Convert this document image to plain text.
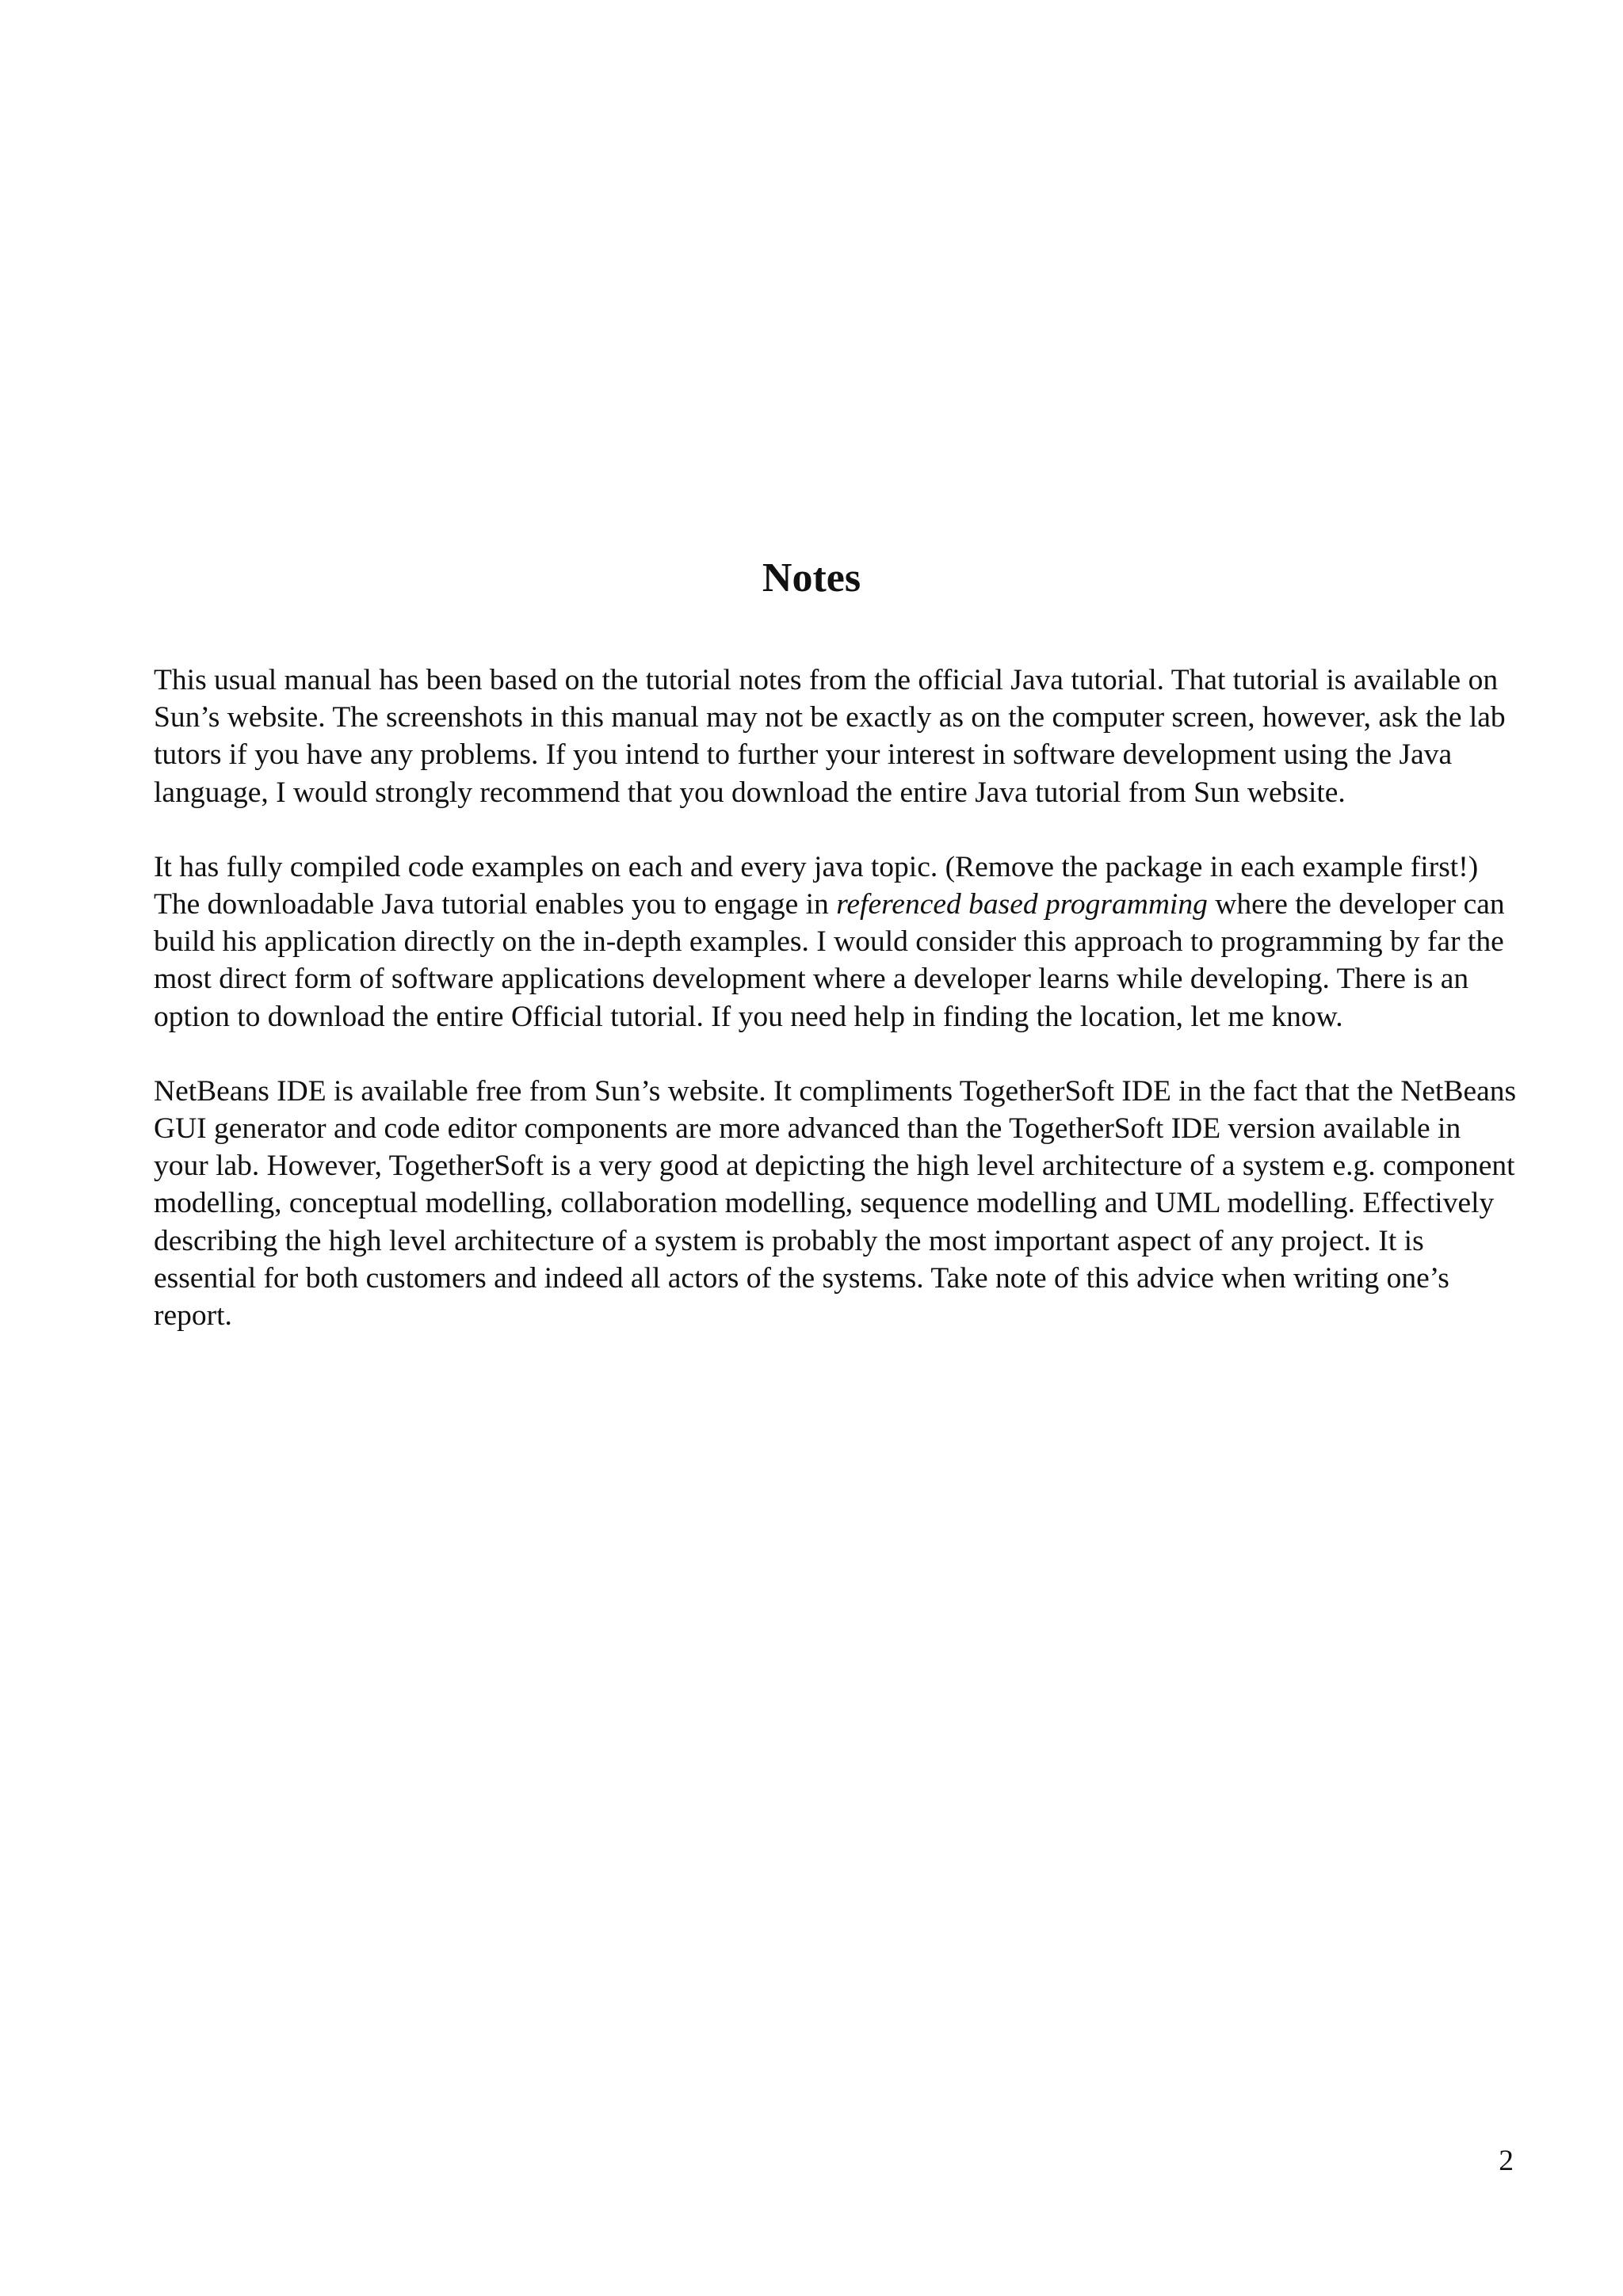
Notes

This usual manual has been based on the tutorial notes from the official Java tutorial. That tutorial is available on Sun’s website. The screenshots in this manual may not be exactly as on the computer screen, however, ask the lab tutors if you have any problems. If you intend to further your interest in software development using the Java language, I would strongly recommend that you download the entire Java tutorial from Sun website.

It has fully compiled code examples on each and every java topic. (Remove the package in each example first!) The downloadable Java tutorial enables you to engage in referenced based programming where the developer can build his application directly on the in-depth examples. I would consider this approach to programming by far the most direct form of software applications development where a developer learns while developing. There is an option to download the entire Official tutorial. If you need help in finding the location, let me know.

NetBeans IDE is available free from Sun’s website. It compliments TogetherSoft IDE in the fact that the NetBeans GUI generator and code editor components are more advanced than the TogetherSoft IDE version available in your lab. However, TogetherSoft is a very good at depicting the high level architecture of a system e.g. component modelling, conceptual modelling, collaboration modelling, sequence modelling and UML modelling. Effectively describing the high level architecture of a system is probably the most important aspect of any project. It is essential for both customers and indeed all actors of the systems. Take note of this advice when writing one’s report.

2
